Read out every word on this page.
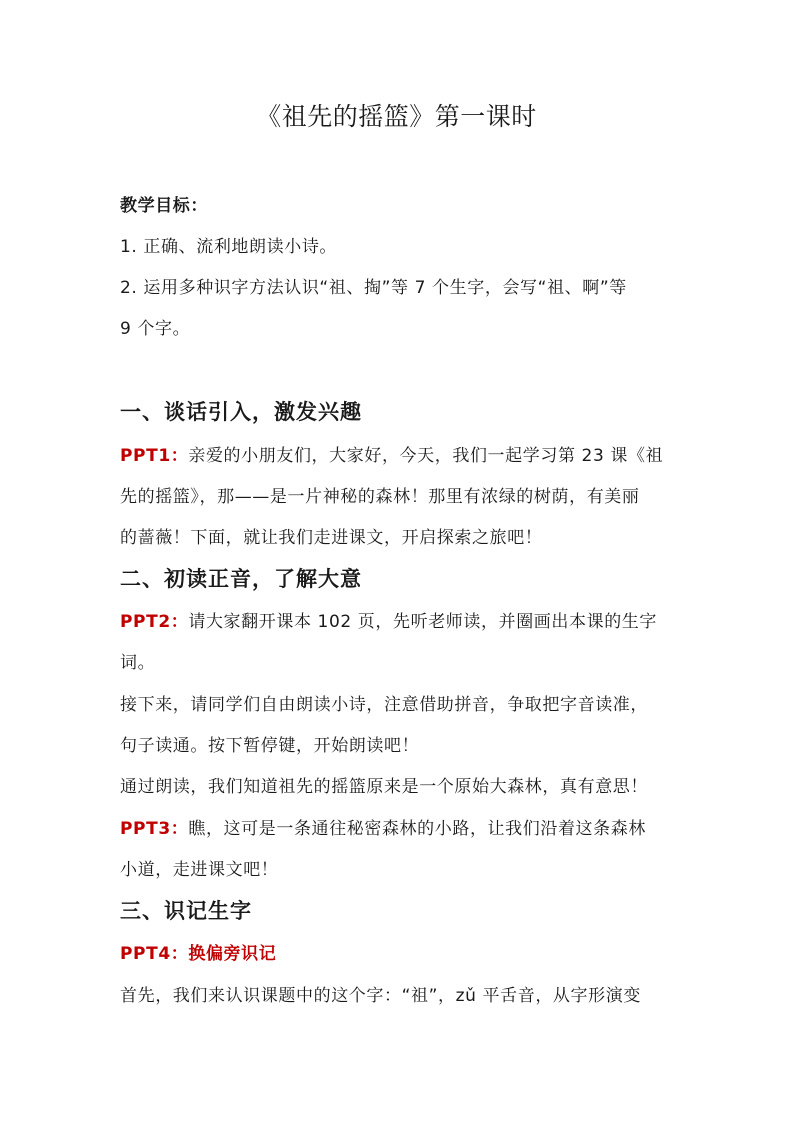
《祖先的摇篮》第一课时
教学目标：
1. 正确、流利地朗读小诗。
2. 运用多种识字方法认识“祖、掏”等 7 个生字，会写“祖、啊”等
9 个字。
一、谈话引入，激发兴趣
PPT1：亲爱的小朋友们，大家好，今天，我们一起学习第 23 课《祖
先的摇篮》，那——是一片神秘的森林！那里有浓绿的树荫，有美丽
的蔷薇！下面，就让我们走进课文，开启探索之旅吧！
二、初读正音，了解大意
PPT2：请大家翻开课本 102 页，先听老师读，并圈画出本课的生字
词。
接下来，请同学们自由朗读小诗，注意借助拼音，争取把字音读准，
句子读通。按下暂停键，开始朗读吧！
通过朗读，我们知道祖先的摇篮原来是一个原始大森林，真有意思！
PPT3：瞧，这可是一条通往秘密森林的小路，让我们沿着这条森林
小道，走进课文吧！
三、识记生字
PPT4：换偏旁识记
首先，我们来认识课题中的这个字：“祖”，zǔ 平舌音，从字形演变
